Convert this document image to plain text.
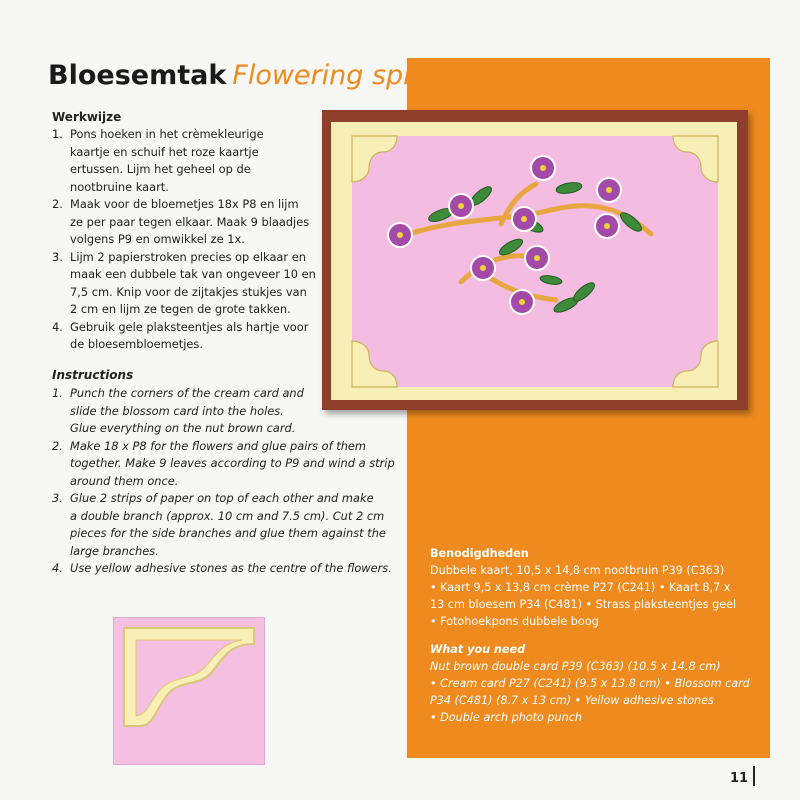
Bloesemtak Flowering sprig
Werkwijze
1. Pons hoeken in het crèmekleurige
kaartje en schuif het roze kaartje
ertussen. Lijm het geheel op de
nootbruine kaart.
2. Maak voor de bloemetjes 18x P8 en lijm
ze per paar tegen elkaar. Maak 9 blaadjes
volgens P9 en omwikkel ze 1x.
3. Lijm 2 papierstroken precies op elkaar en
maak een dubbele tak van ongeveer 10 en
7,5 cm. Knip voor de zijtakjes stukjes van
2 cm en lijm ze tegen de grote takken.
4. Gebruik gele plaksteentjes als hartje voor
de bloesembloemetjes.
Instructions
1. Punch the corners of the cream card and
slide the blossom card into the holes.
Glue everything on the nut brown card.
2. Make 18 x P8 for the flowers and glue pairs of them
together. Make 9 leaves according to P9 and wind a strip
around them once.
3. Glue 2 strips of paper on top of each other and make
a double branch (approx. 10 cm and 7.5 cm). Cut 2 cm
pieces for the side branches and glue them against the
large branches.
4. Use yellow adhesive stones as the centre of the flowers.
Benodigdheden
Dubbele kaart, 10,5 x 14,8 cm nootbruin P39 (C363)
• Kaart 9,5 x 13,8 cm crème P27 (C241) • Kaart 8,7 x
13 cm bloesem P34 (C481) • Strass plaksteentjes geel
• Fotohoekpons dubbele boog
What you need
Nut brown double card P39 (C363) (10.5 x 14.8 cm)
• Cream card P27 (C241) (9.5 x 13.8 cm) • Blossom card
P34 (C481) (8.7 x 13 cm) • Yellow adhesive stones
• Double arch photo punch
11
